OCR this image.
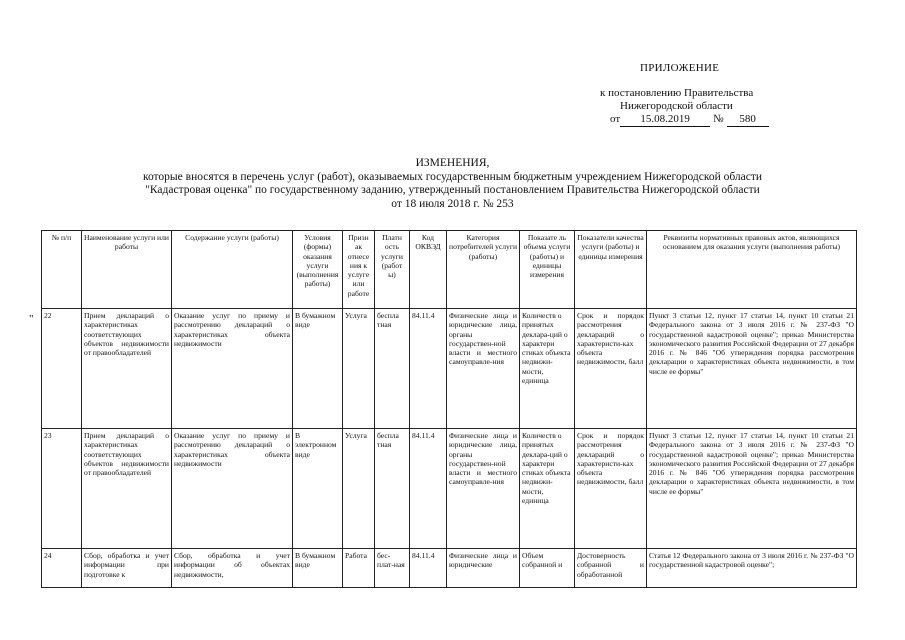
ПРИЛОЖЕНИЕ
к постановлению Правительства
Нижегородской области
от	15.08.2019	№	580
ИЗМЕНЕНИЯ,
которые вносятся в перечень услуг (работ), оказываемых государственным бюджетным учреждением Нижегородской области
"Кадастровая оценка" по государственному заданию, утвержденный постановлением Правительства Нижегородской области
от 18 июля 2018 г. № 253
"
№ п/п	Наименование услуги или работы	Содержание услуги (работы)	Условия (формы) оказания услуги (выполнения работы)	Призн ак отнесе ния к услуге или работе	Платн ость услуги (работ ы)	Код ОКВЭД	Категория потребителей услуги (работы)	Показате ль объема услуги (работы) и единицы измерения	Показатели качества услуги (работы) и единицы измерения	Реквизиты нормативных правовых актов, являющихся основанием для оказания услуги (выполнения работы)
22	Прием деклараций о характеристиках соответствующих объектов недвижимости от правообладателей	Оказание услуг по приему и рассмотрению деклараций о характеристиках объекта недвижимости	В бумажном виде	Услуга	беспла тная	84.11.4	Физические лица и юридические лица, органы государствен-ной власти и местного самоуправле-ния	Количеств о принятых деклара-ций о характери стиках объекта недвижи-мости, единица	Срок и порядок рассмотрения деклараций о характеристи-ках объекта недвижимости, балл	Пункт 3 статьи 12, пункт 17 статьи 14, пункт 10 статьи 21 Федерального закона от 3 июля 2016 г. № 237-ФЗ "О государственной кадастровой оценке"; приказ Министерства экономического развития Российской Федерации от 27 декабря 2016 г. № 846 "Об утверждения порядка рассмотрения декларации о характеристиках объекта недвижимости, в том числе ее формы"
23	Прием деклараций о характеристиках соответствующих объектов недвижимости от правообладателей	Оказание услуг по приему и рассмотрению деклараций о характеристиках объекта недвижимости	В электронном виде	Услуга	беспла тная	84.11.4	Физические лица и юридические лица, органы государствен-ной власти и местного самоуправле-ния	Количеств о принятых деклара-ций о характери стиках объекта недвижи-мости, единица	Срок и порядок рассмотрения деклараций о характеристи-ках объекта недвижимости, балл	Пункт 3 статьи 12, пункт 17 статьи 14, пункт 10 статьи 21 Федерального закона от 3 июля 2016 г. № 237-ФЗ "О государственной кадастровой оценке"; приказ Министерства экономического развития Российской Федерации от 27 декабря 2016 г. № 846 "Об утверждения порядка рассмотрения декларации о характеристиках объекта недвижимости, в том числе ее формы"
24	Сбор, обработка и учет информации при подготовке к	Сбор, обработка и учет информации об объектах недвижимости,	В бумажном виде	Работа	бес-плат-ная	84.11.4	Физические лица и юридические	Объем собранной и	Достоверность собранной и обработанной	Статья 12 Федерального закона от 3 июля 2016 г. № 237-ФЗ "О государственной кадастровой оценке";
